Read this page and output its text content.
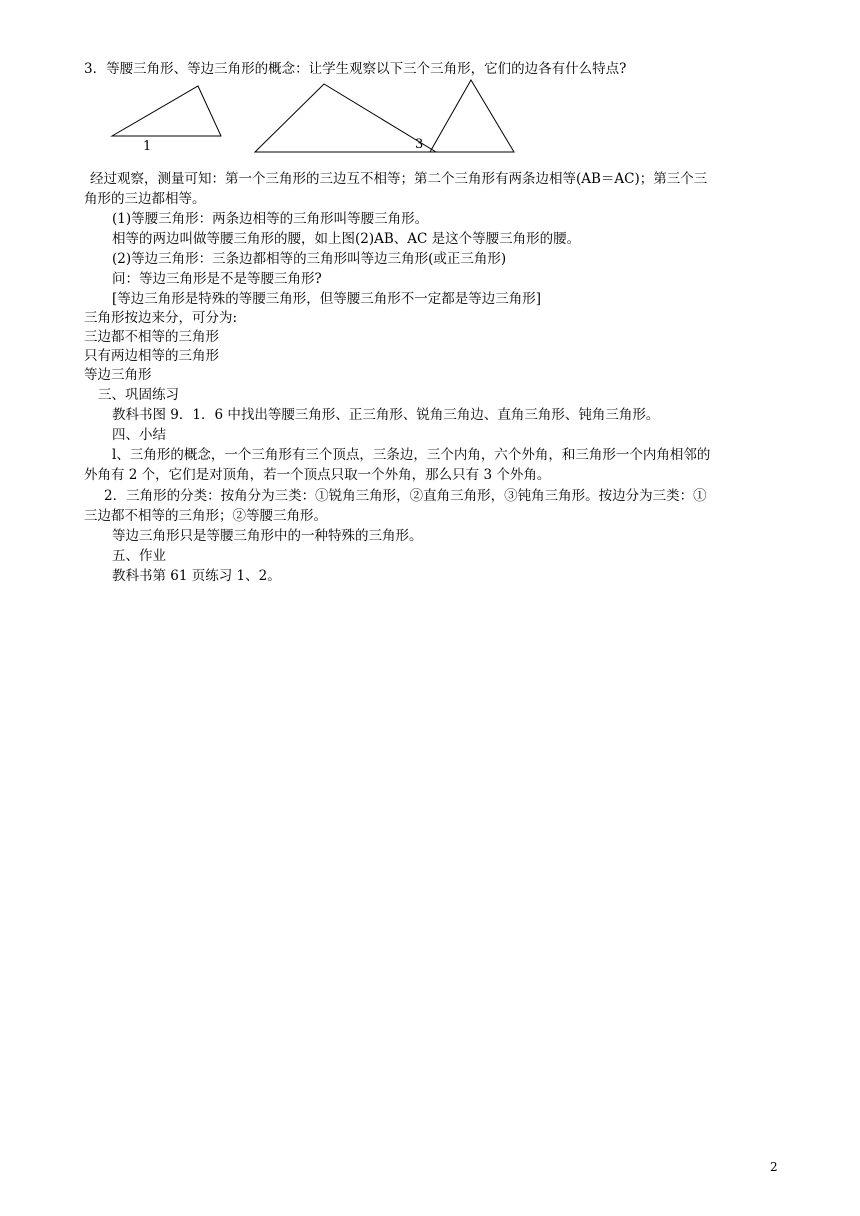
3．等腰三角形、等边三角形的概念：让学生观察以下三个三角形，它们的边各有什么特点?
1	3
经过观察，测量可知：第一个三角形的三边互不相等；第二个三角形有两条边相等(AB＝AC)；第三个三
角形的三边都相等。
(1)等腰三角形：两条边相等的三角形叫等腰三角形。
相等的两边叫做等腰三角形的腰，如上图(2)AB、AC 是这个等腰三角形的腰。
(2)等边三角形：三条边都相等的三角形叫等边三角形(或正三角形)
问：等边三角形是不是等腰三角形?
[等边三角形是特殊的等腰三角形，但等腰三角形不一定都是等边三角形]
三角形按边来分，可分为:
三边都不相等的三角形
只有两边相等的三角形
等边三角形
三、巩固练习
教科书图 9．1．6 中找出等腰三角形、正三角形、锐角三角边、直角三角形、钝角三角形。
四、小结
l、三角形的概念，一个三角形有三个顶点，三条边，三个内角，六个外角，和三角形一个内角相邻的
外角有 2 个，它们是对顶角，若一个顶点只取一个外角，那么只有 3 个外角。
2．三角形的分类：按角分为三类：①锐角三角形，②直角三角形，③钝角三角形。按边分为三类：①
三边都不相等的三角形；②等腰三角形。
等边三角形只是等腰三角形中的一种特殊的三角形。
五、作业
教科书第 61 页练习 1、2。
2
